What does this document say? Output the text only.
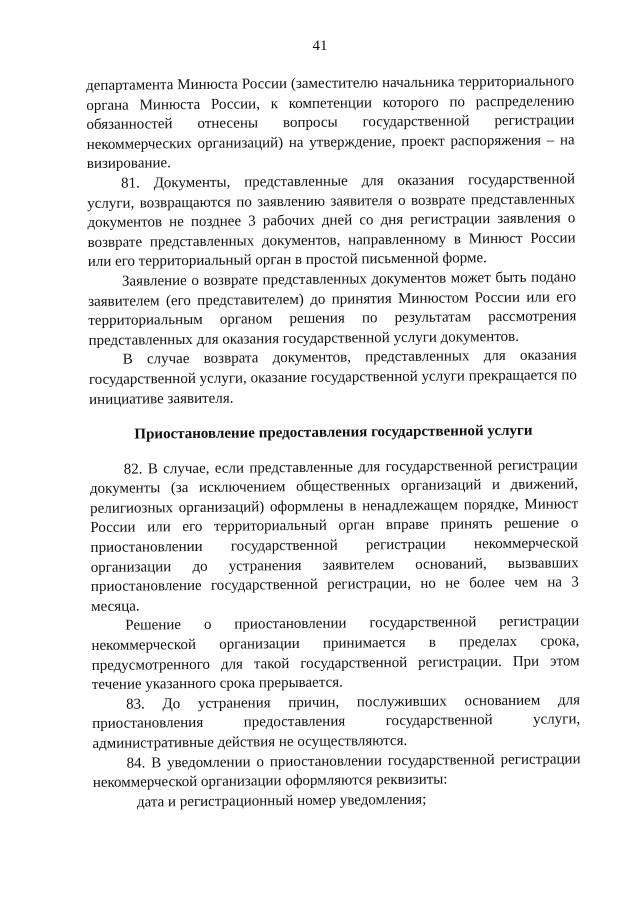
41

департамента Минюста России (заместителю начальника территориального органа Минюста России, к компетенции которого по распределению обязанностей отнесены вопросы государственной регистрации некоммерческих организаций) на утверждение, проект распоряжения – на визирование.

81. Документы, представленные для оказания государственной услуги, возвращаются по заявлению заявителя о возврате представленных документов не позднее 3 рабочих дней со дня регистрации заявления о возврате представленных документов, направленному в Минюст России или его территориальный орган в простой письменной форме.

Заявление о возврате представленных документов может быть подано заявителем (его представителем) до принятия Минюстом России или его территориальным органом решения по результатам рассмотрения представленных для оказания государственной услуги документов.

В случае возврата документов, представленных для оказания государственной услуги, оказание государственной услуги прекращается по инициативе заявителя.

Приостановление предоставления государственной услуги

82. В случае, если представленные для государственной регистрации документы (за исключением общественных организаций и движений, религиозных организаций) оформлены в ненадлежащем порядке, Минюст России или его территориальный орган вправе принять решение о приостановлении государственной регистрации некоммерческой организации до устранения заявителем оснований, вызвавших приостановление государственной регистрации, но не более чем на 3 месяца.

Решение о приостановлении государственной регистрации некоммерческой организации принимается в пределах срока, предусмотренного для такой государственной регистрации. При этом течение указанного срока прерывается.

83. До устранения причин, послуживших основанием для приостановления предоставления государственной услуги, административные действия не осуществляются.

84. В уведомлении о приостановлении государственной регистрации некоммерческой организации оформляются реквизиты:

дата и регистрационный номер уведомления;
